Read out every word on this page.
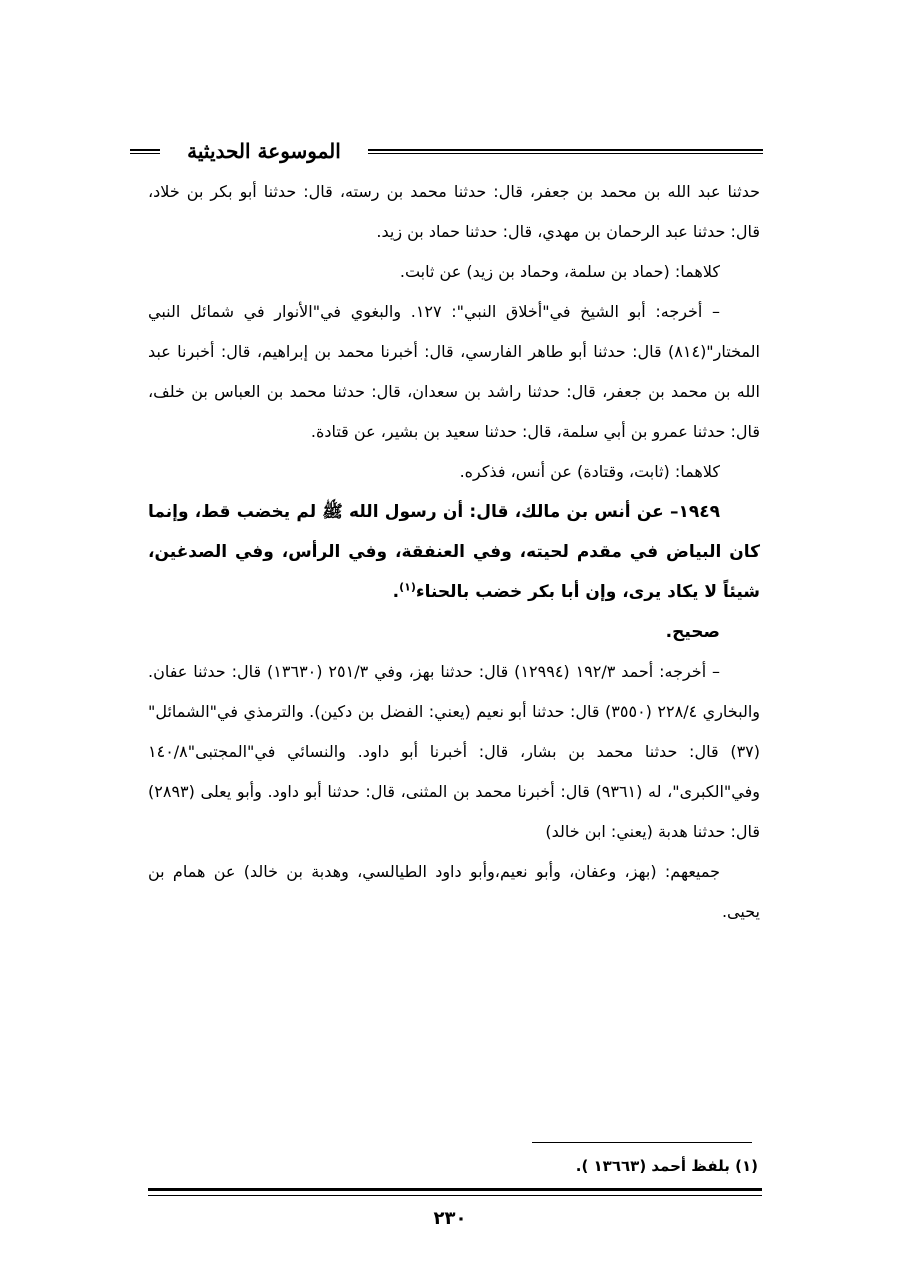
الموسوعة الحديثية

حدثنا عبد الله بن محمد بن جعفر، قال: حدثنا محمد بن رسته، قال: حدثنا أبو بكر بن خلاد، قال: حدثنا عبد الرحمان بن مهدي، قال: حدثنا حماد بن زيد.

كلاهما: (حماد بن سلمة، وحماد بن زيد) عن ثابت.

– أخرجه: أبو الشيخ في"أخلاق النبي": ١٢٧. والبغوي في"الأنوار في شمائل النبي المختار"(٨١٤) قال: حدثنا أبو طاهر الفارسي، قال: أخبرنا محمد بن إبراهيم، قال: أخبرنا عبد الله بن محمد بن جعفر، قال: حدثنا راشد بن سعدان، قال: حدثنا محمد بن العباس بن خلف، قال: حدثنا عمرو بن أبي سلمة، قال: حدثنا سعيد بن بشير، عن قتادة.

كلاهما: (ثابت، وقتادة) عن أنس، فذكره.

١٩٤٩– عن أنس بن مالك، قال: أن رسول الله ﷺ لم يخضب قط، وإنما كان البياض في مقدم لحيته، وفي العنفقة، وفي الرأس، وفي الصدغين، شيئاً لا يكاد يرى، وإن أبا بكر خضب بالحناء$^{(١)}$.

صحيح.

– أخرجه: أحمد ١٩٢/٣ (١٢٩٩٤) قال: حدثنا بهز، وفي ٢٥١/٣ (١٣٦٣٠) قال: حدثنا عفان. والبخاري ٢٢٨/٤ (٣٥٥٠) قال: حدثنا أبو نعيم (يعني: الفضل بن دكين). والترمذي في"الشمائل"(٣٧) قال: حدثنا محمد بن بشار، قال: أخبرنا أبو داود. والنسائي في"المجتبى"١٤٠/٨ وفي"الكبرى"، له (٩٣٦١) قال: أخبرنا محمد بن المثنى، قال: حدثنا أبو داود. وأبو يعلى (٢٨٩٣) قال: حدثنا هدبة (يعني: ابن خالد)

جميعهم: (بهز، وعفان، وأبو نعيم،وأبو داود الطيالسي، وهدبة بن خالد) عن همام بن يحيى.

(١) بلفظ أحمد (١٣٦٦٣ ).
٢٣٠
